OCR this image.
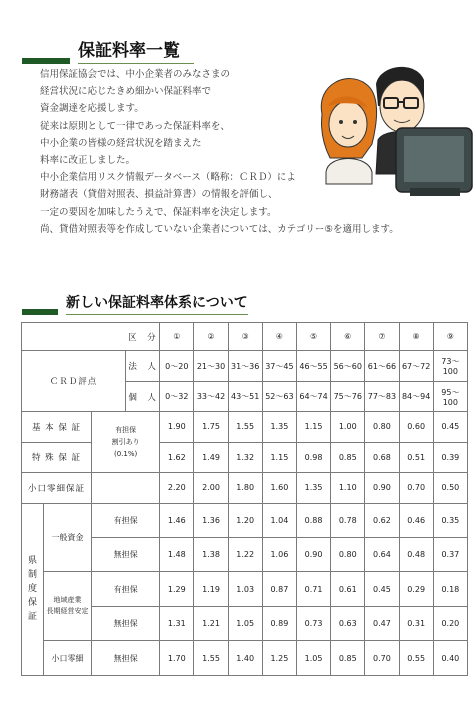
保証料率一覧

信用保証協会では、中小企業者のみなさまの

経営状況に応じたきめ細かい保証料率で

資金調達を応援します。

従来は原則として一律であった保証料率を、

中小企業の皆様の経営状況を踏まえた

料率に改正しました。

中小企業信用リスク情報データベース（略称：ＣＲＤ）によ

財務諸表（貸借対照表、損益計算書）の情報を評価し、

一定の要因を加味したうえで、保証料率を決定します。

尚、貸借対照表等を作成していない企業者については、カテゴリー⑤を適用します。

新しい保証料率体系について
			区　分	①	②	③	④	⑤	⑥	⑦	⑧	⑨
ＣＲＤ評点			法　人	0～20	21～30	31～36	37～45	46～55	56～60	61～66	67～72	73～100
			個　人	0～32	33～42	43～51	52～63	64～74	75～76	77～83	84～94	95～100
基 本 保 証		有担保
割引あり
(0.1%)		1.90	1.75	1.55	1.35	1.15	1.00	0.80	0.60	0.45
特 殊 保 証				1.62	1.49	1.32	1.15	0.98	0.85	0.68	0.51	0.39
小口零細保証				2.20	2.00	1.80	1.60	1.35	1.10	0.90	0.70	0.50

県
制
度
保
証	一般資金	有担保		1.46	1.36	1.20	1.04	0.88	0.78	0.62	0.46	0.35
		無担保		1.48	1.38	1.22	1.06	0.90	0.80	0.64	0.48	0.37

	地域産業
長期経営安定	有担保		1.29	1.19	1.03	0.87	0.71	0.61	0.45	0.29	0.18
		無担保		1.31	1.21	1.05	0.89	0.73	0.63	0.47	0.31	0.20
	小口零細	無担保		1.70	1.55	1.40	1.25	1.05	0.85	0.70	0.55	0.40
